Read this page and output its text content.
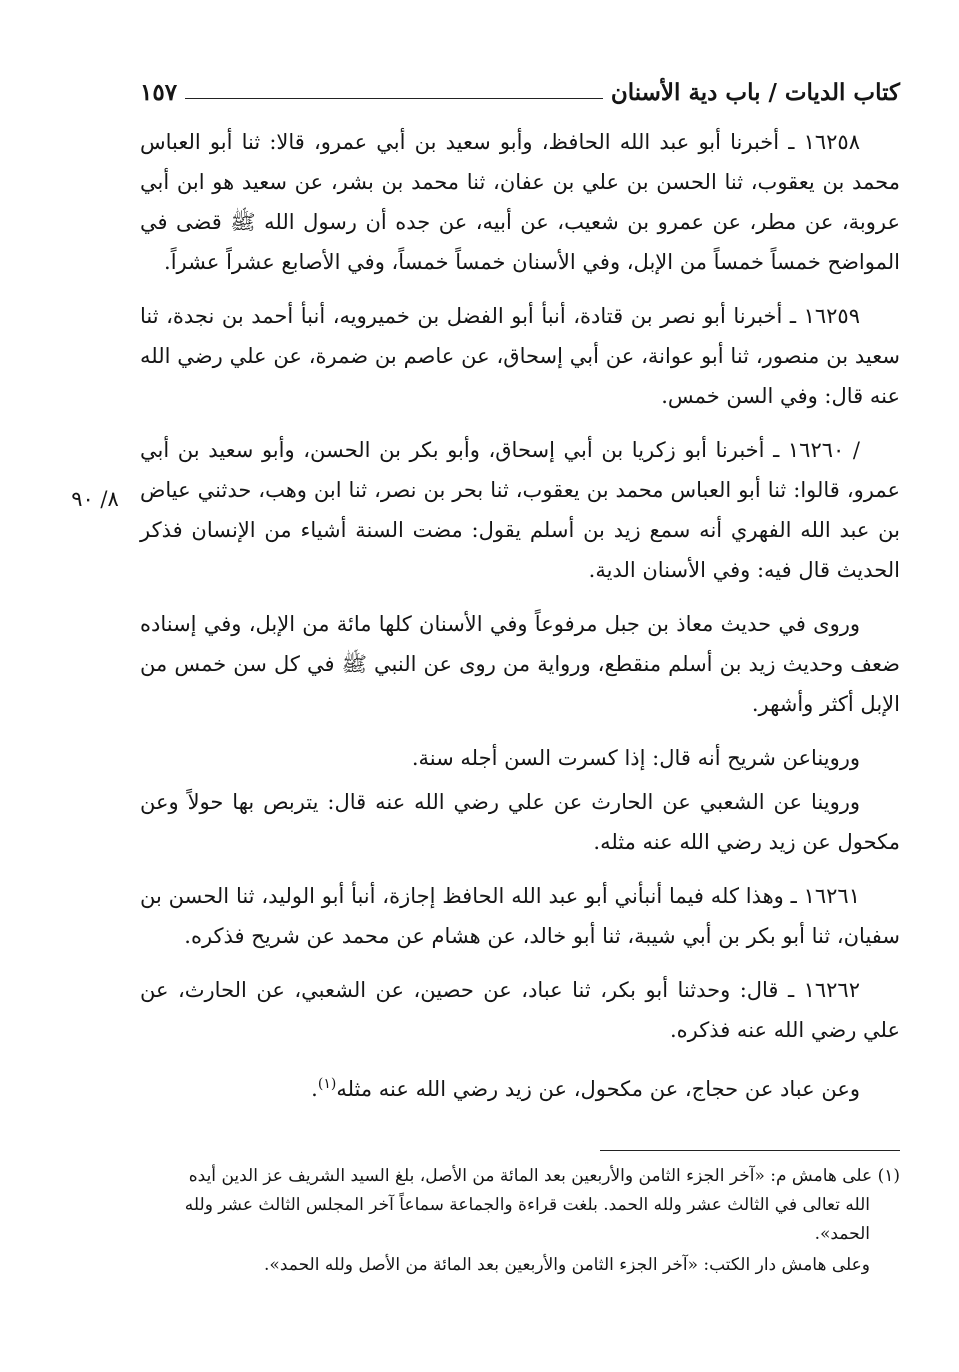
كتاب الديات / باب دية الأسنان
١٥٧
٨/ ٩٠

١٦٢٥٨ ـ أخبرنا أبو عبد الله الحافظ، وأبو سعيد بن أبي عمرو، قالا: ثنا أبو العباس محمد بن يعقوب، ثنا الحسن بن علي بن عفان، ثنا محمد بن بشر، عن سعيد هو ابن أبي عروبة، عن مطر، عن عمرو بن شعيب، عن أبيه، عن جده أن رسول الله ﷺ قضى في المواضح خمساً خمساً من الإبل، وفي الأسنان خمساً خمساً، وفي الأصابع عشراً عشراً.

١٦٢٥٩ ـ أخبرنا أبو نصر بن قتادة، أنبأ أبو الفضل بن خميرويه، أنبأ أحمد بن نجدة، ثنا سعيد بن منصور، ثنا أبو عوانة، عن أبي إسحاق، عن عاصم بن ضمرة، عن علي رضي الله عنه قال: وفي السن خمس.

/ ١٦٢٦٠ ـ أخبرنا أبو زكريا بن أبي إسحاق، وأبو بكر بن الحسن، وأبو سعيد بن أبي عمرو، قالوا: ثنا أبو العباس محمد بن يعقوب، ثنا بحر بن نصر، ثنا ابن وهب، حدثني عياض بن عبد الله الفهري أنه سمع زيد بن أسلم يقول: مضت السنة أشياء من الإنسان فذكر الحديث قال فيه: وفي الأسنان الدية.

وروى في حديث معاذ بن جبل مرفوعاً وفي الأسنان كلها مائة من الإبل، وفي إسناده ضعف وحديث زيد بن أسلم منقطع، ورواية من روى عن النبي ﷺ في كل سن خمس من الإبل أكثر وأشهر.

ورويناعن شريح أنه قال: إذا كسرت السن أجله سنة.

وروينا عن الشعبي عن الحارث عن علي رضي الله عنه قال: يتربص بها حولاً وعن مكحول عن زيد رضي الله عنه مثله.

١٦٢٦١ ـ وهذا كله فيما أنبأني أبو عبد الله الحافظ إجازة، أنبأ أبو الوليد، ثنا الحسن بن سفيان، ثنا أبو بكر بن أبي شيبة، ثنا أبو خالد، عن هشام عن محمد عن شريح فذكره.

١٦٢٦٢ ـ قال: وحدثنا أبو بكر، ثنا عباد، عن حصين، عن الشعبي، عن الحارث، عن علي رضي الله عنه فذكره.

وعن عباد عن حجاج، عن مكحول، عن زيد رضي الله عنه مثله$^{(١)}$.

(١) على هامش م: «آخر الجزء الثامن والأربعين بعد المائة من الأصل، بلغ السيد الشريف عز الدين أيده

الله تعالى في الثالث عشر ولله الحمد. بلغت قراءة والجماعة سماعاً آخر المجلس الثالث عشر ولله

الحمد».

وعلى هامش دار الكتب: «آخر الجزء الثامن والأربعين بعد المائة من الأصل ولله الحمد».
